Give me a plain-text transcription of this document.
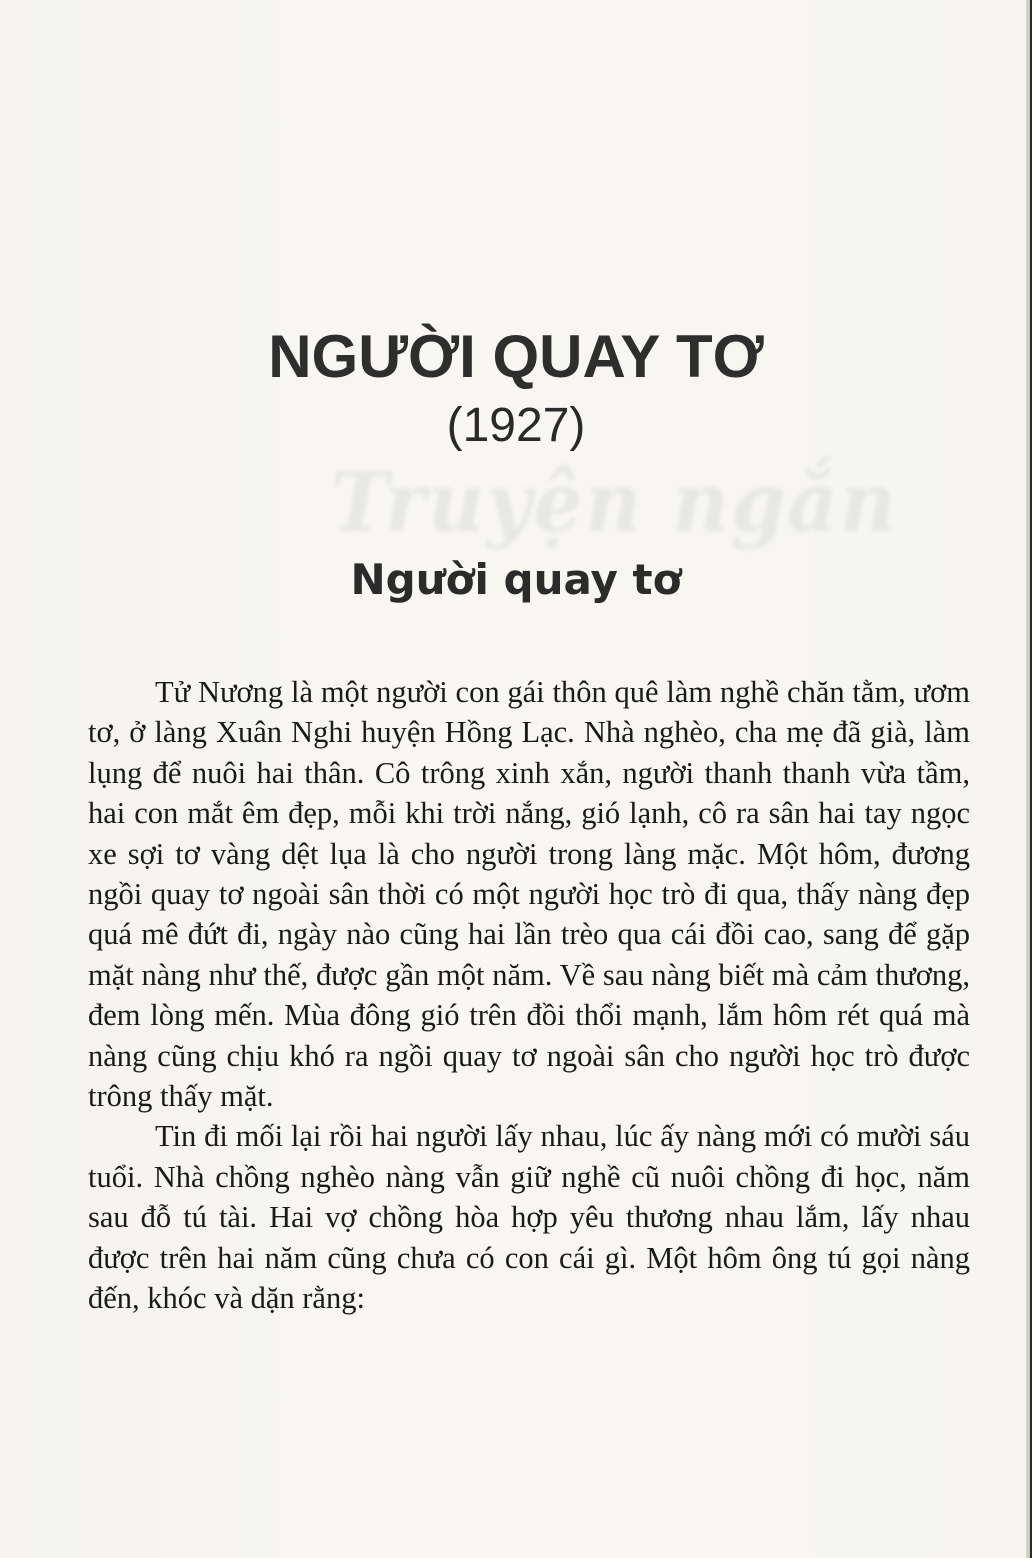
Truyện ngắn
NGƯỜI QUAY TƠ
(1927)
Người quay tơ

Tử Nương là một người con gái thôn quê làm nghề chăn tằm, ươm tơ, ở làng Xuân Nghi huyện Hồng Lạc. Nhà nghèo, cha mẹ đã già, làm lụng để nuôi hai thân. Cô trông xinh xắn, người thanh thanh vừa tầm, hai con mắt êm đẹp, mỗi khi trời nắng, gió lạnh, cô ra sân hai tay ngọc xe sợi tơ vàng dệt lụa là cho người trong làng mặc. Một hôm, đương ngồi quay tơ ngoài sân thời có một người học trò đi qua, thấy nàng đẹp quá mê đứt đi, ngày nào cũng hai lần trèo qua cái đồi cao, sang để gặp mặt nàng như thế, được gần một năm. Về sau nàng biết mà cảm thương, đem lòng mến. Mùa đông gió trên đồi thổi mạnh, lắm hôm rét quá mà nàng cũng chịu khó ra ngồi quay tơ ngoài sân cho người học trò được trông thấy mặt.

Tin đi mối lại rồi hai người lấy nhau, lúc ấy nàng mới có mười sáu tuổi. Nhà chồng nghèo nàng vẫn giữ nghề cũ nuôi chồng đi học, năm sau đỗ tú tài. Hai vợ chồng hòa hợp yêu thương nhau lắm, lấy nhau được trên hai năm cũng chưa có con cái gì. Một hôm ông tú gọi nàng đến, khóc và dặn rằng:
